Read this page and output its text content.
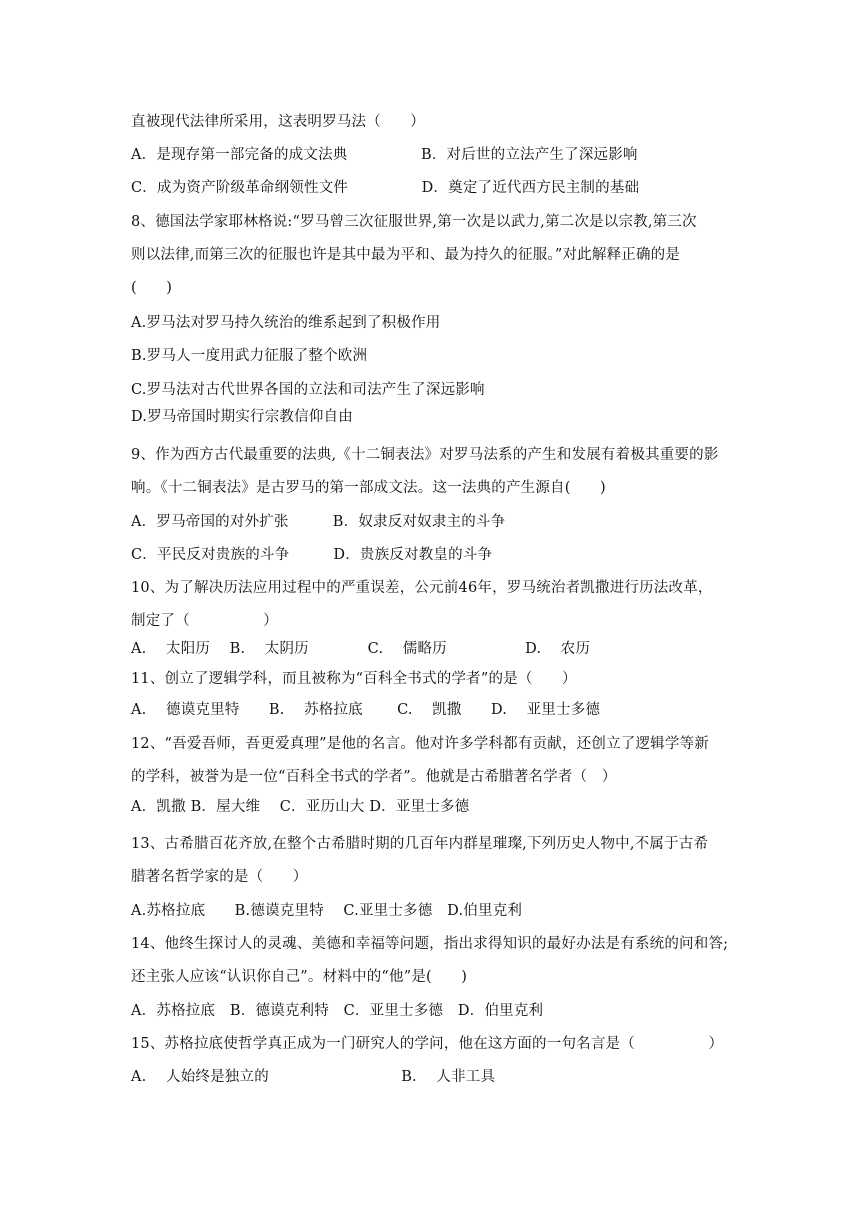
直被现代法律所采用，这表明罗马法（　　）
A．是现存第一部完备的成文法典　　　　　B．对后世的立法产生了深远影响
C．成为资产阶级革命纲领性文件　　　　　D．奠定了近代西方民主制的基础
8、德国法学家耶林格说:“罗马曾三次征服世界,第一次是以武力,第二次是以宗教,第三次
则以法律,而第三次的征服也许是其中最为平和、最为持久的征服。”对此解释正确的是
(　　)
A.罗马法对罗马持久统治的维系起到了积极作用
B.罗马人一度用武力征服了整个欧洲
C.罗马法对古代世界各国的立法和司法产生了深远影响
D.罗马帝国时期实行宗教信仰自由
9、作为西方古代最重要的法典,《十二铜表法》对罗马法系的产生和发展有着极其重要的影
响。《十二铜表法》是古罗马的第一部成文法。这一法典的产生源自(　　)
A．罗马帝国的对外扩张　　　B．奴隶反对奴隶主的斗争
C．平民反对贵族的斗争　　　D．贵族反对教皇的斗争
10、为了解决历法应用过程中的严重误差，公元前46年，罗马统治者凯撒进行历法改革，
制定了（　　　　　）
A.　 太阳历　 B.　 太阴历　　　　C.　 儒略历　　　　　 D.　 农历
11、创立了逻辑学科，而且被称为“百科全书式的学者”的是（　　）
A.　 德谟克里特　　B.　 苏格拉底　　 C.　 凯撒　　D.　 亚里士多德
12、“吾爱吾师，吾更爱真理”是他的名言。他对许多学科都有贡献，还创立了逻辑学等新
的学科，被誉为是一位“百科全书式的学者”。他就是古希腊著名学者（　）
A．凯撒 B．屋大维　 C．亚历山大 D．亚里士多德
13、古希腊百花齐放,在整个古希腊时期的几百年内群星璀璨,下列历史人物中,不属于古希
腊著名哲学家的是（　　）
A.苏格拉底　　B.德谟克里特　 C.亚里士多德　D.伯里克利
14、他终生探讨人的灵魂、美德和幸福等问题，指出求得知识的最好办法是有系统的问和答;
还主张人应该“认识你自己”。材料中的“他”是(　　)
A．苏格拉底　B．德谟克利特　C．亚里士多德　D．伯里克利
15、苏格拉底使哲学真正成为一门研究人的学问，他在这方面的一句名言是（　　　　　）
A.　 人始终是独立的　　　　　　　　　B.　 人非工具
